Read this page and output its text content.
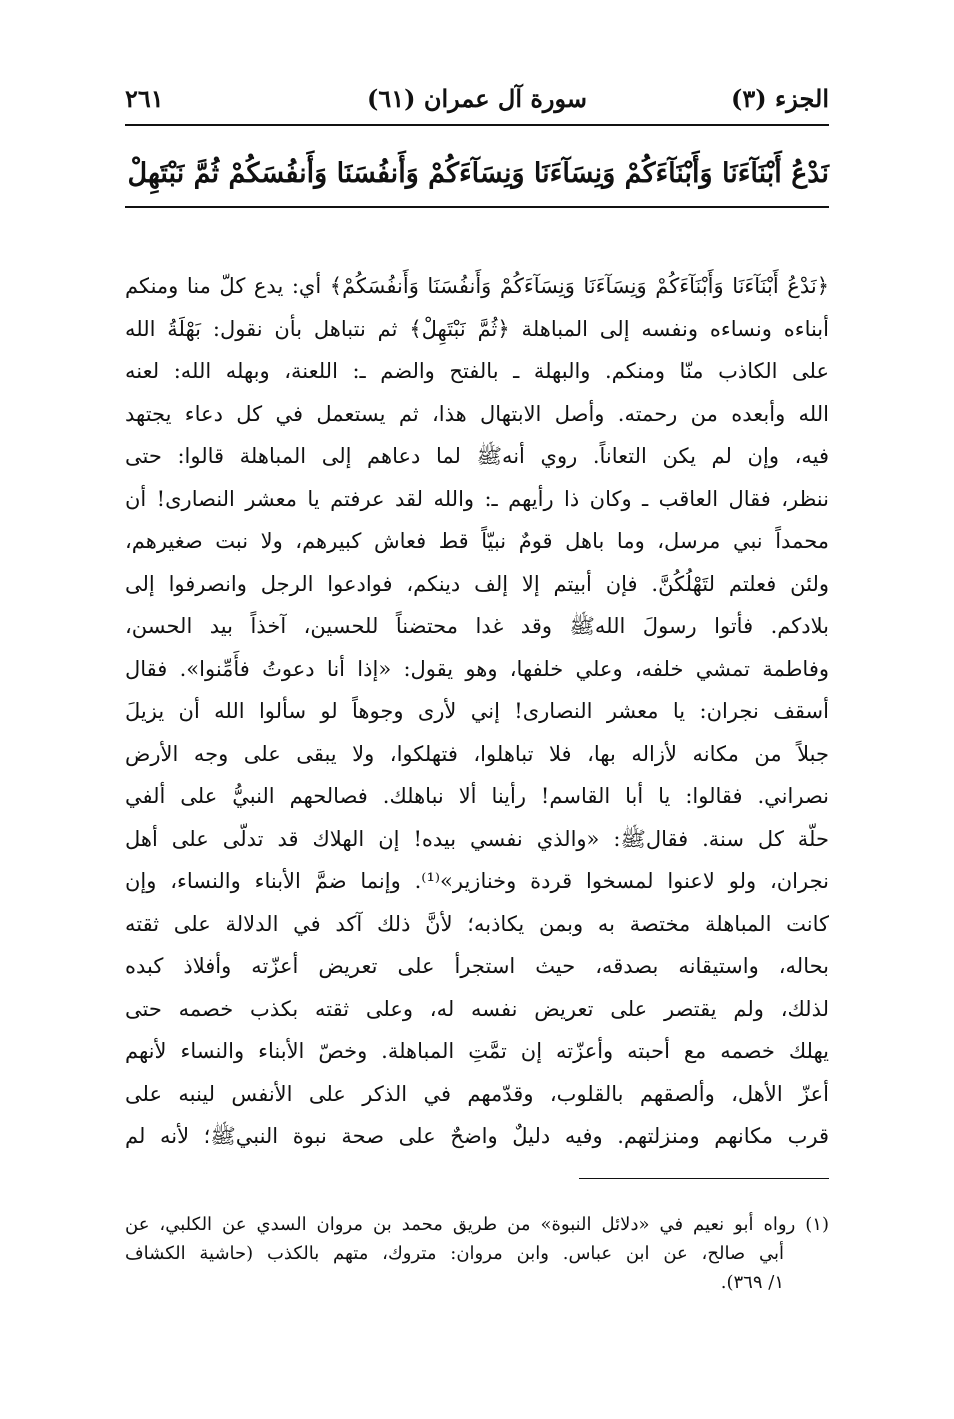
الجزء (٣)
سورة آل عمران (٦١)
٢٦١
نَدْعُ أَبْنَآءَنَا وَأَبْنَآءَكُمْ وَنِسَآءَنَا وَنِسَآءَكُمْ وَأَنفُسَنَا وَأَنفُسَكُمْ ثُمَّ نَبْتَهِلْ
﴿نَدْعُ أَبْنَآءَنَا وَأَبْنَآءَكُمْ وَنِسَآءَنَا وَنِسَآءَكُمْ وَأَنفُسَنَا وَأَنفُسَكُمْ﴾ أي: يدع كلّ منا ومنكم
أبناءه ونساءه ونفسه إلى المباهلة ﴿ثُمَّ نَبْتَهِلْ﴾ ثم نتباهل بأن نقول: بَهْلَةُ الله
على الكاذب منّا ومنكم. والبهلة ـ بالفتح والضم ـ: اللعنة، وبهله الله: لعنه
الله وأبعده من رحمته. وأصل الابتهال هذا، ثم يستعمل في كل دعاء يجتهد
فيه، وإن لم يكن التعاناً. روي أنهﷺ لما دعاهم إلى المباهلة قالوا: حتى
ننظر، فقال العاقب ـ وكان ذا رأيهم ـ: والله لقد عرفتم يا معشر النصارى! أن
محمداً نبي مرسل، وما باهل قومٌ نبيّاً قط فعاش كبيرهم، ولا نبت صغيرهم،
ولئن فعلتم لتَهْلُكُنَّ. فإن أبيتم إلا إلف دينكم، فوادعوا الرجل وانصرفوا إلى
بلادكم. فأتوا رسولَ اللهﷺ وقد غدا محتضناً للحسين، آخذاً بيد الحسن،
وفاطمة تمشي خلفه، وعلي خلفها، وهو يقول: «إذا أنا دعوتُ فأَمِّنوا». فقال
أسقف نجران: يا معشر النصارى! إني لأرى وجوهاً لو سألوا الله أن يزيلَ
جبلاً من مكانه لأزاله بها، فلا تباهلوا، فتهلكوا، ولا يبقى على وجه الأرض
نصراني. فقالوا: يا أبا القاسم! رأينا ألا نباهلك. فصالحهم النبيُّ على ألفي
حلّة كل سنة. فقالﷺ: «والذي نفسي بيده! إن الهلاك قد تدلّى على أهل
نجران، ولو لاعنوا لمسخوا قردة وخنازير»⁽¹⁾. وإنما ضمَّ الأبناء والنساء، وإن
كانت المباهلة مختصة به وبمن يكاذبه؛ لأنَّ ذلك آكد في الدلالة على ثقته
بحاله، واستيقانه بصدقه، حيث استجرأ على تعريض أعزّته وأفلاذ كبده
لذلك، ولم يقتصر على تعريض نفسه له، وعلى ثقته بكذب خصمه حتى
يهلك خصمه مع أحبته وأعزّته إن تمَّتِ المباهلة. وخصّ الأبناء والنساء لأنهم
أعزّ الأهل، وألصقهم بالقلوب، وقدّمهم في الذكر على الأنفس لينبه على
قرب مكانهم ومنزلتهم. وفيه دليلٌ واضحٌ على صحة نبوة النبيﷺ؛ لأنه لم
(١) رواه أبو نعيم في «دلائل النبوة» من طريق محمد بن مروان السدي عن الكلبي، عن
أبي صالح، عن ابن عباس. وابن مروان: متروك، متهم بالكذب (حاشية الكشاف
١/ ٣٦٩).
